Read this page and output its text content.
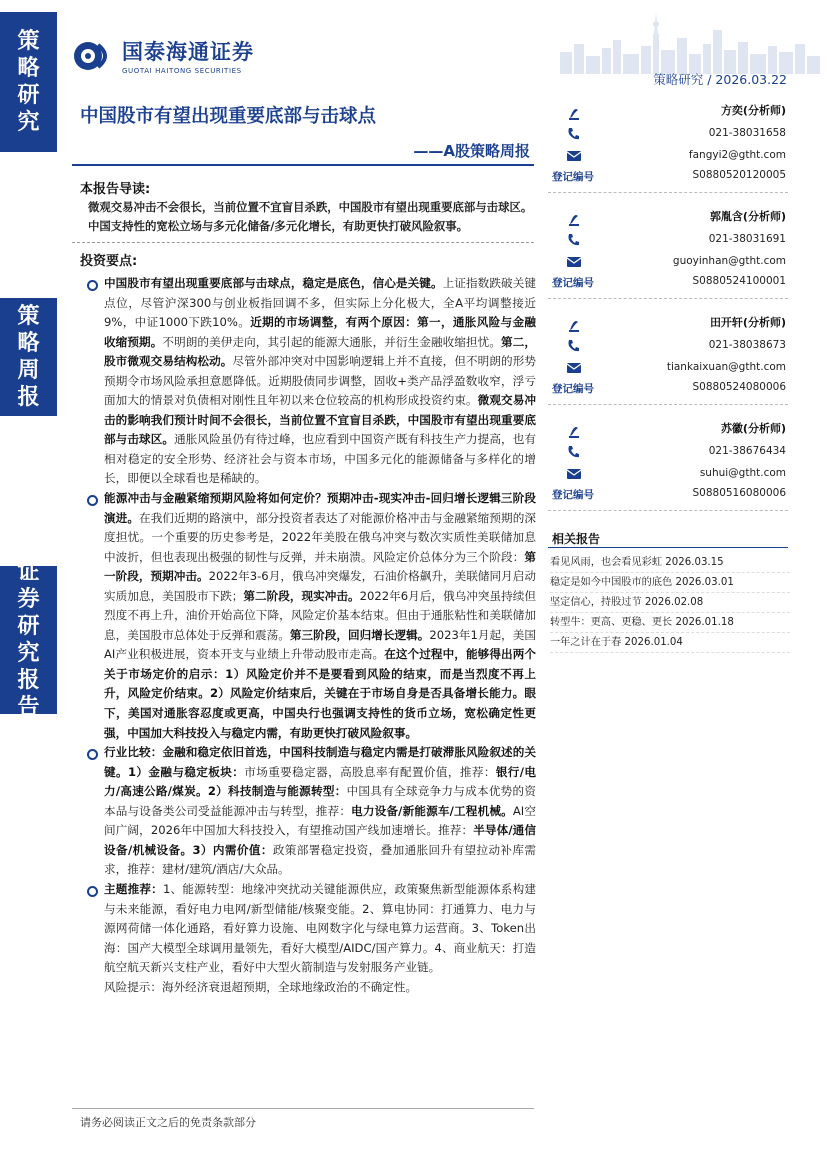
策
略
研
究
策
略
周
报
证
券
研
究
报
告
国泰海通证券
GUOTAI HAITONG SECURITIES
策略研究 / 2026.03.22
中国股市有望出现重要底部与击球点
——A股策略周报
本报告导读:
微观交易冲击不会很长，当前位置不宜盲目杀跌，中国股市有望出现重要底部与击球区。中国支持性的宽松立场与多元化储备/多元化增长，有助更快打破风险叙事。
投资要点:
中国股市有望出现重要底部与击球点，稳定是底色，信心是关键。上证指数跌破关键点位，尽管沪深300与创业板指回调不多，但实际上分化极大，全A平均调整接近9%，中证1000下跌10%。近期的市场调整，有两个原因：第一，通胀风险与金融收缩预期。不明朗的美伊走向，其引起的能源大通胀，并衍生金融收缩担忧。第二，股市微观交易结构松动。尽管外部冲突对中国影响逻辑上并不直接，但不明朗的形势预期令市场风险承担意愿降低。近期股债同步调整，固收+类产品浮盈数收窄，浮亏面加大的情景对负债相对刚性且年初以来仓位较高的机构形成投资约束。微观交易冲击的影响我们预计时间不会很长，当前位置不宜盲目杀跌，中国股市有望出现重要底部与击球区。通胀风险虽仍有待过峰，也应看到中国资产既有科技生产力提高，也有相对稳定的安全形势、经济社会与资本市场，中国多元化的能源储备与多样化的增长，即便以全球看也是稀缺的。
能源冲击与金融紧缩预期风险将如何定价？预期冲击-现实冲击-回归增长逻辑三阶段演进。在我们近期的路演中，部分投资者表达了对能源价格冲击与金融紧缩预期的深度担忧。一个重要的历史参考是，2022年美股在俄乌冲突与数次实质性美联储加息中波折，但也表现出极强的韧性与反弹，并未崩溃。风险定价总体分为三个阶段：第一阶段，预期冲击。2022年3-6月，俄乌冲突爆发，石油价格飙升，美联储同月启动实质加息，美国股市下跌；第二阶段，现实冲击。2022年6月后，俄乌冲突虽持续但烈度不再上升，油价开始高位下降，风险定价基本结束。但由于通胀粘性和美联储加息，美国股市总体处于反弹和震荡。第三阶段，回归增长逻辑。2023年1月起，美国AI产业积极进展，资本开支与业绩上升带动股市走高。在这个过程中，能够得出两个关于市场定价的启示：1）风险定价并不是要看到风险的结束，而是当烈度不再上升，风险定价结束。2）风险定价结束后，关键在于市场自身是否具备增长能力。眼下，美国对通胀容忍度或更高，中国央行也强调支持性的货币立场，宽松确定性更强，中国加大科技投入与稳定内需，有助更快打破风险叙事。
行业比较：金融和稳定依旧首选，中国科技制造与稳定内需是打破滞胀风险叙述的关键。1）金融与稳定板块：市场重要稳定器，高股息率有配置价值，推荐：银行/电力/高速公路/煤炭。2）科技制造与能源转型：中国具有全球竞争力与成本优势的资本品与设备类公司受益能源冲击与转型，推荐：电力设备/新能源车/工程机械。AI空间广阔，2026年中国加大科技投入，有望推动国产线加速增长。推荐：半导体/通信设备/机械设备。3）内需价值：政策部署稳定投资，叠加通胀回升有望拉动补库需求，推荐：建材/建筑/酒店/大众品。
主题推荐：1、能源转型：地缘冲突扰动关键能源供应，政策聚焦新型能源体系构建与未来能源，看好电力电网/新型储能/核聚变能。2、算电协同：打通算力、电力与源网荷储一体化通路，看好算力设施、电网数字化与绿电算力运营商。3、Token出海：国产大模型全球调用量领先，看好大模型/AIDC/国产算力。4、商业航天：打造航空航天新兴支柱产业，看好中大型火箭制造与发射服务产业链。
风险提示：海外经济衰退超预期，全球地缘政治的不确定性。
请务必阅读正文之后的免责条款部分
方奕(分析师)
021-38031658
fangyi2@gtht.com
登记编号	S0880520120005
郭胤含(分析师)
021-38031691
guoyinhan@gtht.com
登记编号	S0880524100001
田开轩(分析师)
021-38038673
tiankaixuan@gtht.com
登记编号	S0880524080006
苏徽(分析师)
021-38676434
suhui@gtht.com
登记编号	S0880516080006
相关报告
看见风雨，也会看见彩虹 2026.03.15
稳定是如今中国股市的底色 2026.03.01
坚定信心，持股过节 2026.02.08
转型牛：更高、更稳、更长 2026.01.18
一年之计在于春 2026.01.04
